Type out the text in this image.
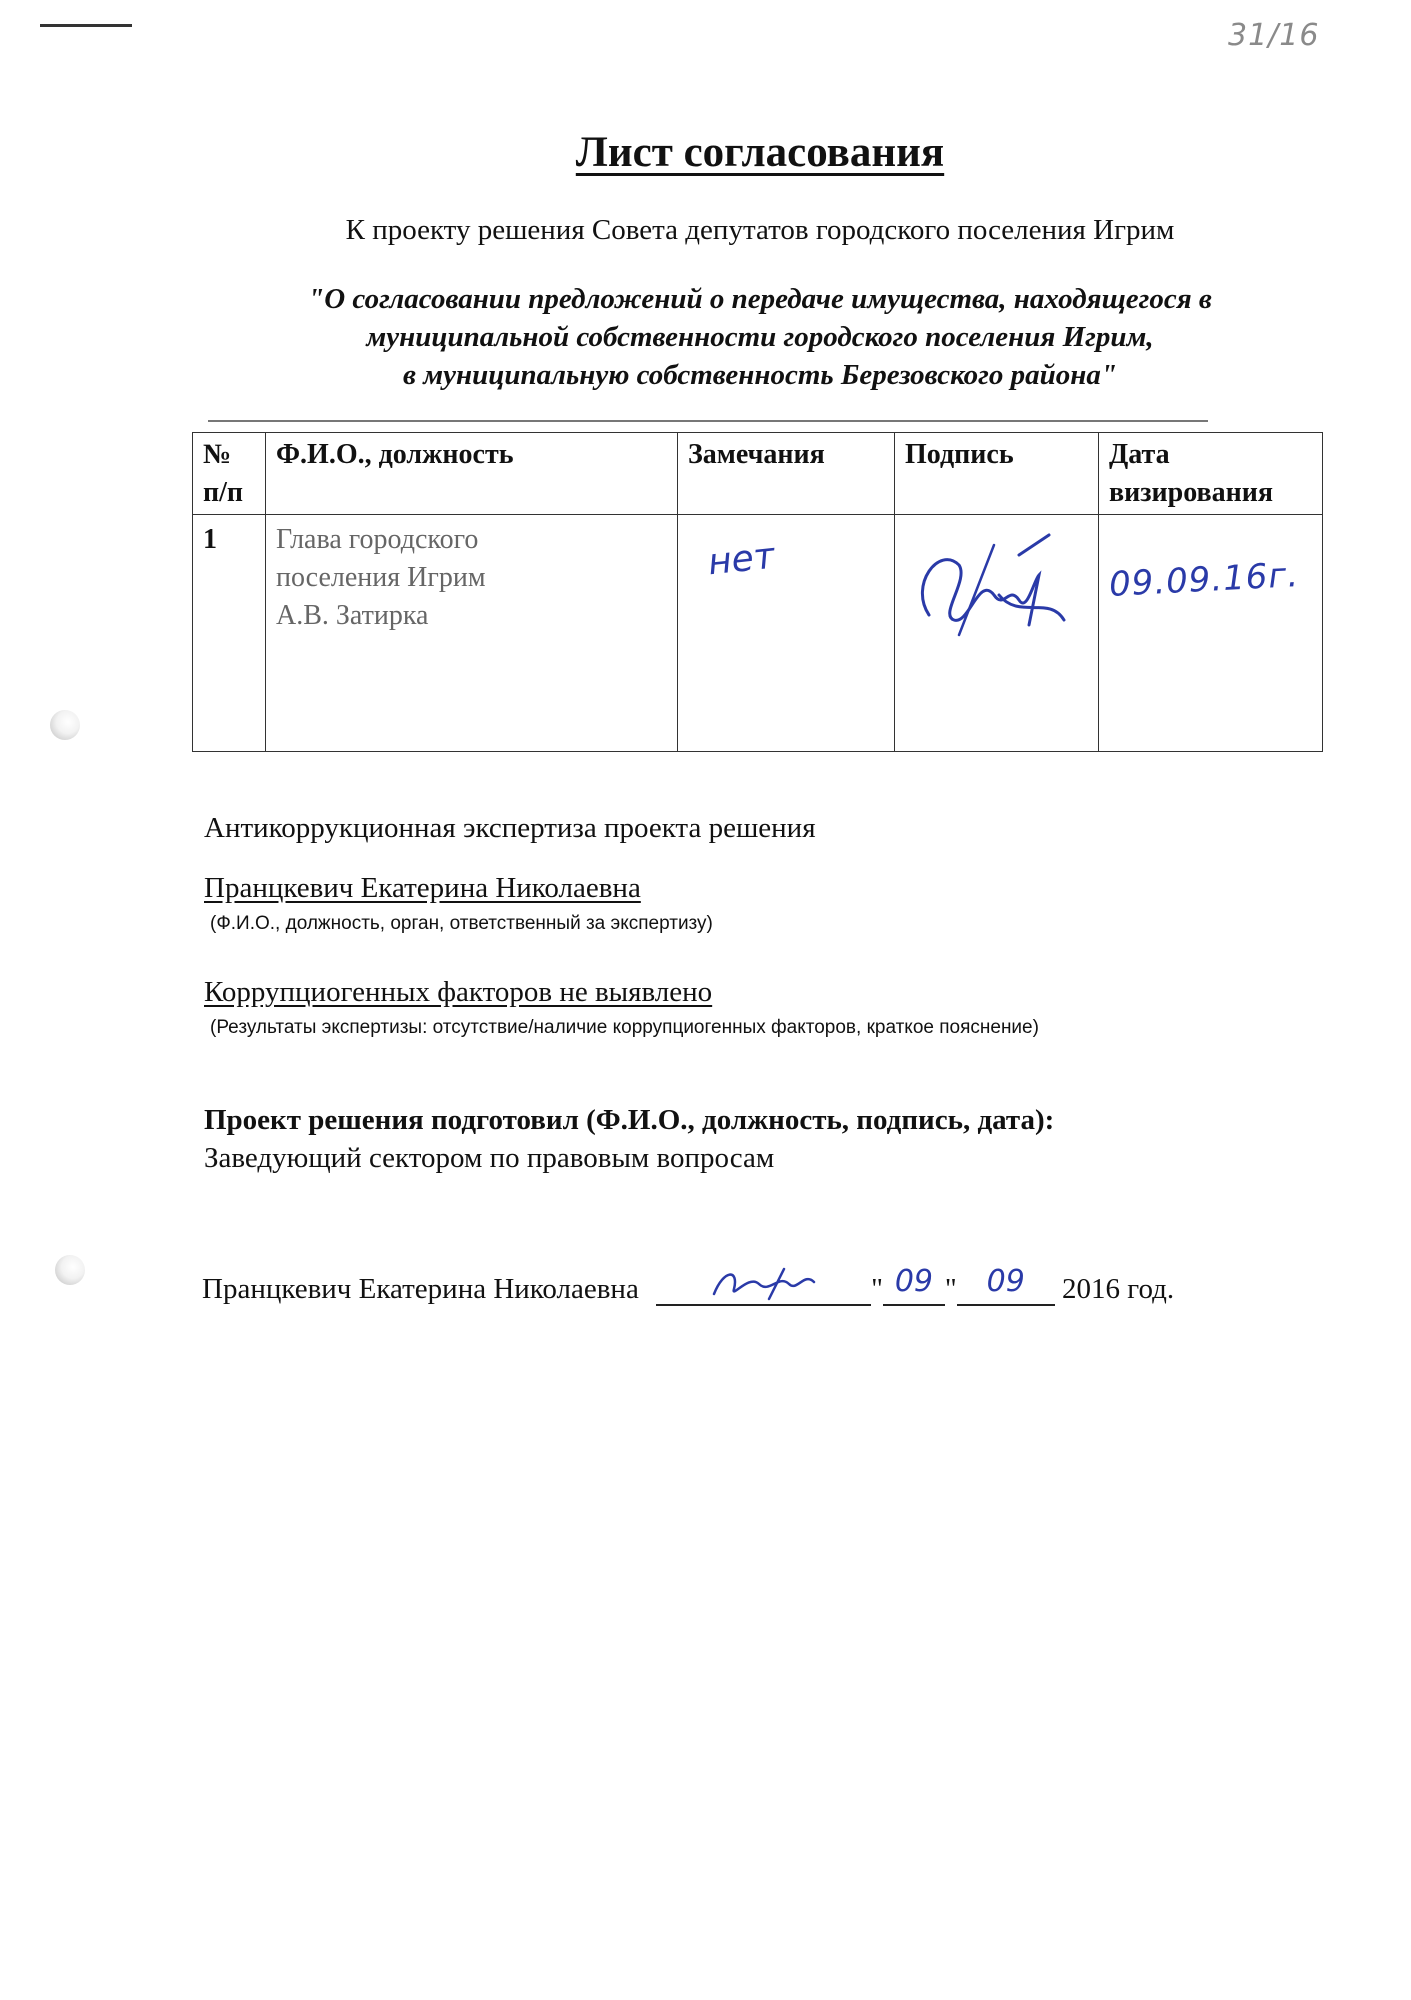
31/16
Лист согласования
К проекту решения Совета депутатов городского поселения Игрим
"О согласовании предложений о передаче имущества, находящегося в
муниципальной собственности городского поселения Игрим,
в муниципальную собственность Березовского района"
№ п/п	Ф.И.О., должность	Замечания	Подпись	Дата визирования
1	Глава городского
поселения Игрим
А.В. Затирка	нет		09.09.16г.
Антикоррукционная экспертиза проекта решения
Пранцкевич Екатерина Николаевна
(Ф.И.О., должность, орган, ответственный за экспертизу)
Коррупциогенных факторов не выявлено
(Результаты экспертизы: отсутствие/наличие коррупциогенных факторов, краткое пояснение)
Проект решения подготовил (Ф.И.О., должность, подпись, дата):
Заведующий сектором по правовым вопросам
Пранцкевич Екатерина Николаевна	" 09 " 09 2016 год.
